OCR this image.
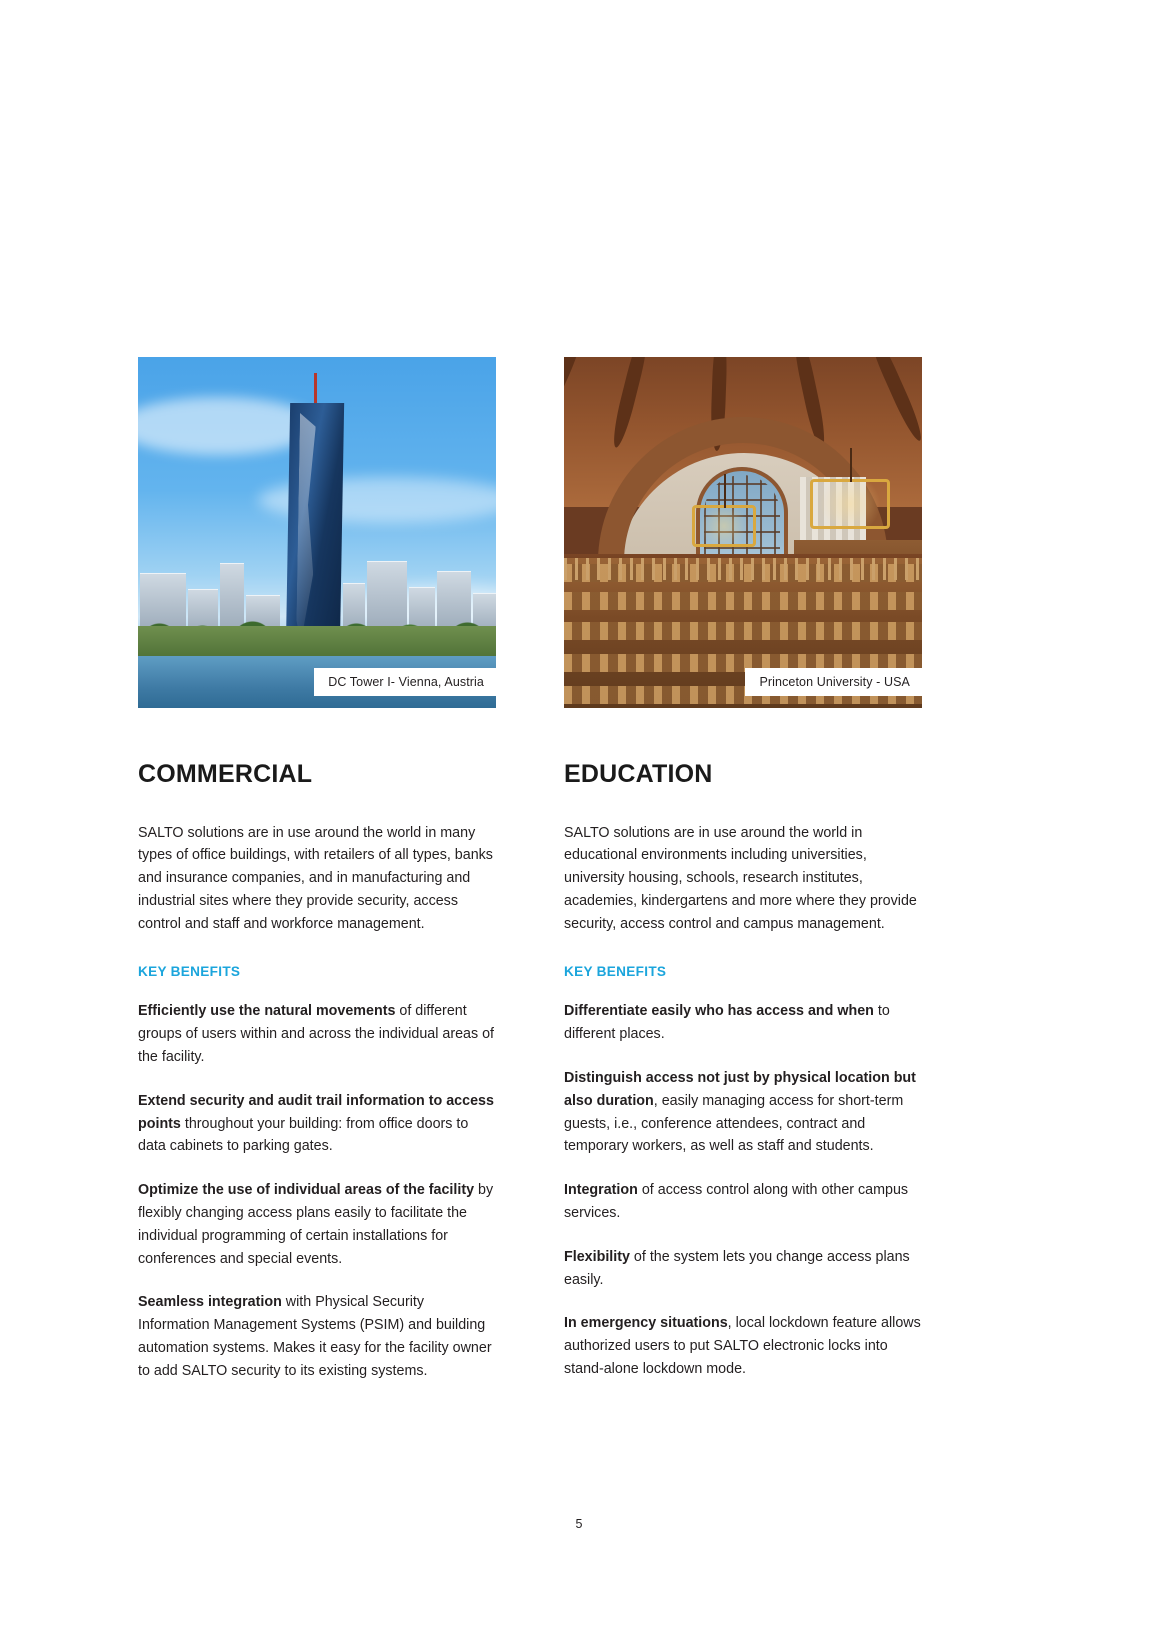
DC Tower I- Vienna, Austria
COMMERCIAL

SALTO solutions are in use around the world in many types of office buildings, with retailers of all types, banks and insurance companies, and in manufacturing and industrial sites where they provide security, access control and staff and workforce management.

KEY BENEFITS

Efficiently use the natural movements of different groups of users within and across the individual areas of the facility.

Extend security and audit trail information to access points throughout your building: from office doors to data cabinets to parking gates.

Optimize the use of individual areas of the facility by flexibly changing access plans easily to facilitate the individual programming of certain installations for conferences and special events.

Seamless integration with Physical Security Information Management Systems (PSIM) and building automation systems. Makes it easy for the facility owner to add SALTO security to its existing systems.

Princeton University - USA
EDUCATION

SALTO solutions are in use around the world in educational environments including universities, university housing, schools, research institutes, academies, kindergartens and more where they provide security, access control and campus management.

KEY BENEFITS

Differentiate easily who has access and when to different places.

Distinguish access not just by physical location but also duration, easily managing access for short-term guests, i.e., conference attendees, contract and temporary workers, as well as staff and students.

Integration of access control along with other campus services.

Flexibility of the system lets you change access plans easily.

In emergency situations, local lockdown feature allows authorized users to put SALTO electronic locks into stand-alone lockdown mode.

5
